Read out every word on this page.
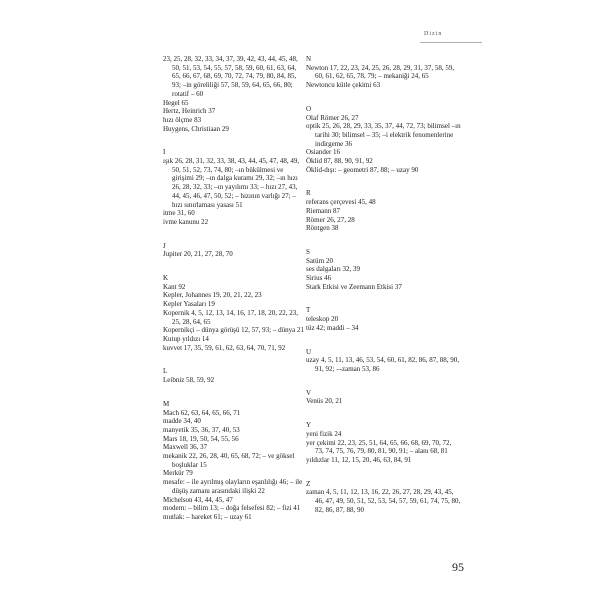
Dizin
23, 25, 28, 32, 33, 34, 37, 39, 42, 43, 44, 45, 48, 50, 51, 53, 54, 55, 57, 58, 59, 60, 61, 63, 64, 65, 66, 67, 68, 69, 70, 72, 74, 79, 80, 84, 85, 93; –in göreliliği 57, 58, 59, 64, 65, 66, 80; rotatif – 60
Hegel 65
Hertz, Heinrich 37
hızı ölçme 83
Huygens, Christiaan 29
I
ışık 26, 28, 31, 32, 33, 38, 43, 44, 45, 47, 48, 49, 50, 51, 52, 73, 74, 80; –ın bükülmesi ve girişimi 29; –ın dalga kuramı 29, 32; –ın hızı 26, 28, 32, 33; –ın yayılımı 33; – hızı 27, 43, 44, 45, 46, 47, 50, 52; – hızının varlığı 27; – hızı sınırlaması yasası 51
itme 31, 60
ivme kanunu 22
J
Jupiter 20, 21, 27, 28, 70
K
Kant 92
Kepler, Johannes 19, 20, 21, 22, 23
Kepler Yasaları 19
Kopernik 4, 5, 12, 13, 14, 16, 17, 18, 20, 22, 23, 25, 28, 64, 65
Kopernikçi – dünya görüşü 12, 57, 93; – dünya 21
Kutup yıldızı 14
kuvvet 17, 35, 59, 61, 62, 63, 64, 70, 71, 92
L
Leibniz 58, 59, 92
M
Mach 62, 63, 64, 65, 66, 71
madde 34, 40
manyetik 35, 36, 37, 40, 53
Mars 18, 19, 50, 54, 55, 56
Maxwell 36, 37
mekanik 22, 26, 28, 40, 65, 68, 72; – ve göksel boşluklar 15
Merkür 79
mesafe: – ile ayrılmış olayların eşanlılığı 46; – ile düşüş zamanı arasındaki ilişki 22
Michelson 43, 44, 45, 47
modern: – bilim 13; – doğa felsefesi 82; – fizi 41
mutlak: – hareket 61; – uzay 61
N
Newton 17, 22, 23, 24, 25, 26, 28, 29, 31, 37, 58, 59, 60, 61, 62, 65, 78, 79; – mekaniği 24, 65
Newtoncu kütle çekimi 63
O
Olaf Römer 26, 27
optik 25, 26, 28, 29, 33, 35, 37, 44, 72, 73; bilimsel –ın tarihi 30; bilimsel – 35; –i elektrik fenomenlerine indirgeme 36
Osiander 16
Öklid 87, 88, 90, 91, 92
Öklid-dışı: – geometri 87, 88; – uzay 90
R
referans çerçevesi 45, 48
Riemann 87
Römer 26, 27, 28
Röntgen 38
S
Satürn 20
ses dalgaları 32, 39
Sirius 46
Stark Etkisi ve Zeemann Etkisi 37
T
teleskop 20
tüz 42; maddi – 34
U
uzay 4, 5, 11, 13, 46, 53, 54, 60, 61, 82, 86, 87, 88, 90, 91, 92; –-zaman 53, 86
V
Venüs 20, 21
Y
yeni fizik 24
yer çekimi 22, 23, 25, 51, 64, 65, 66, 68, 69, 70, 72, 73, 74, 75, 76, 79, 80, 81, 90, 91; – alanı 68, 81
yıldızlar 11, 12, 15, 20, 46, 63, 84, 91
Z
zaman 4, 5, 11, 12, 13, 16, 22, 26, 27, 28, 29, 43, 45, 46, 47, 49, 50, 51, 52, 53, 54, 57, 59, 61, 74, 75, 80, 82, 86, 87, 88, 90
95
